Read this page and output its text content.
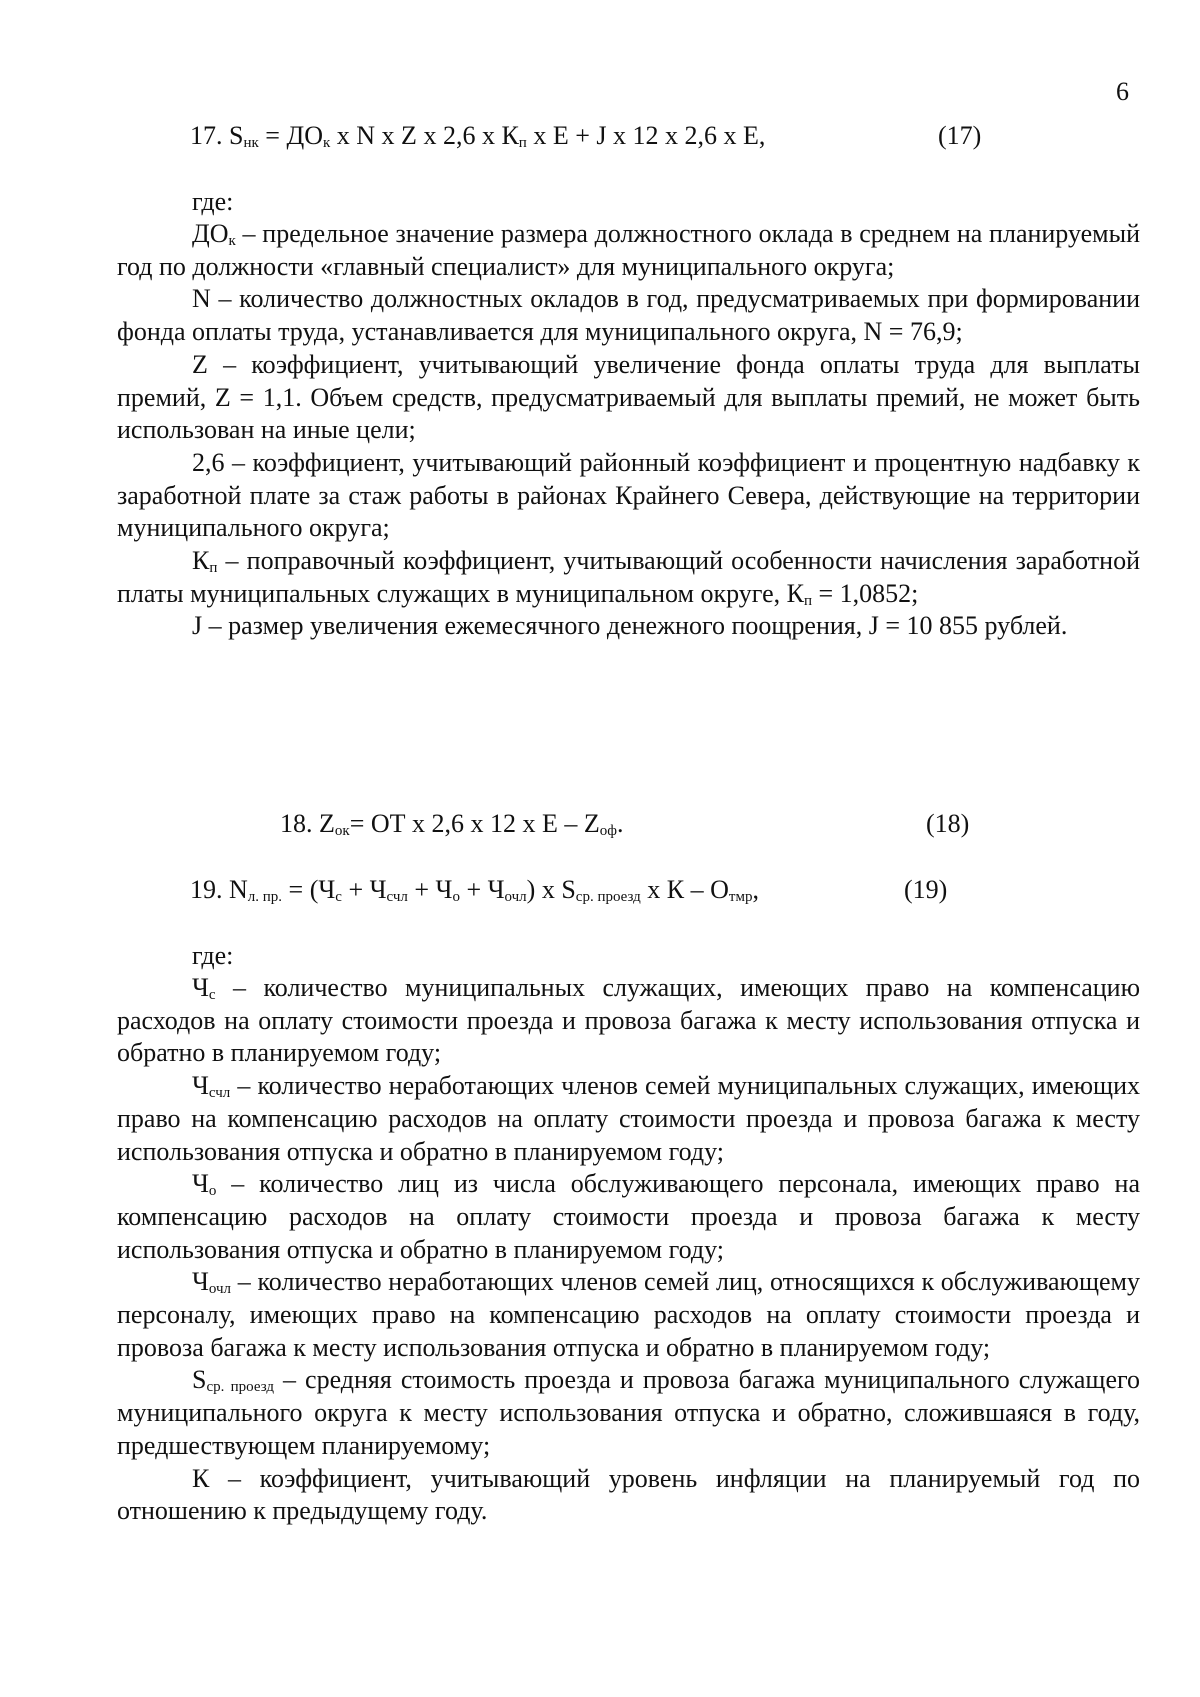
6
17. $S_{нк} = ДО_к$ x N x Z x 2,6 x $К_п$ x Е + J x 12 x 2,6 x Е,	(17)
где:

$ДО_к$ – предельное значение размера должностного оклада в среднем на планируемый год по должности «главный специалист» для муниципального округа;

N – количество должностных окладов в год, предусматриваемых при формировании фонда оплаты труда, устанавливается для муниципального округа, N = 76,9;

Z – коэффициент, учитывающий увеличение фонда оплаты труда для выплаты премий, Z = 1,1. Объем средств, предусматриваемый для выплаты премий, не может быть использован на иные цели;

2,6 – коэффициент, учитывающий районный коэффициент и процентную надбавку к заработной плате за стаж работы в районах Крайнего Севера, действующие на территории муниципального округа;

$К_п$ – поправочный коэффициент, учитывающий особенности начисления заработной платы муниципальных служащих в муниципальном округе, $К_п = 1,0852$;

J – размер увеличения ежемесячного денежного поощрения, J = 10 855 рублей.

18. $Z_{ок}=$ ОТ x 2,6 x 12 x Е – $Z_{оф}$.	(18)
19. $N_{л. пр.} = (Ч_с + Ч_{счл} + Ч_о + Ч_{очл})$ x $S_{ср. проезд}$ x К – $О_{тмр}$,	(19)
где:

$Ч_с$ – количество муниципальных служащих, имеющих право на компенсацию расходов на оплату стоимости проезда и провоза багажа к месту использования отпуска и обратно в планируемом году;

$Ч_{счл}$ – количество неработающих членов семей муниципальных служащих, имеющих право на компенсацию расходов на оплату стоимости проезда и провоза багажа к месту использования отпуска и обратно в планируемом году;

$Ч_о$ – количество лиц из числа обслуживающего персонала, имеющих право на компенсацию расходов на оплату стоимости проезда и провоза багажа к месту использования отпуска и обратно в планируемом году;

$Ч_{очл}$ – количество неработающих членов семей лиц, относящихся к обслуживающему персоналу, имеющих право на компенсацию расходов на оплату стоимости проезда и провоза багажа к месту использования отпуска и обратно в планируемом году;

$S_{ср. проезд}$ – средняя стоимость проезда и провоза багажа муниципального служащего муниципального округа к месту использования отпуска и обратно, сложившаяся в году, предшествующем планируемому;

К – коэффициент, учитывающий уровень инфляции на планируемый год по отношению к предыдущему году.
